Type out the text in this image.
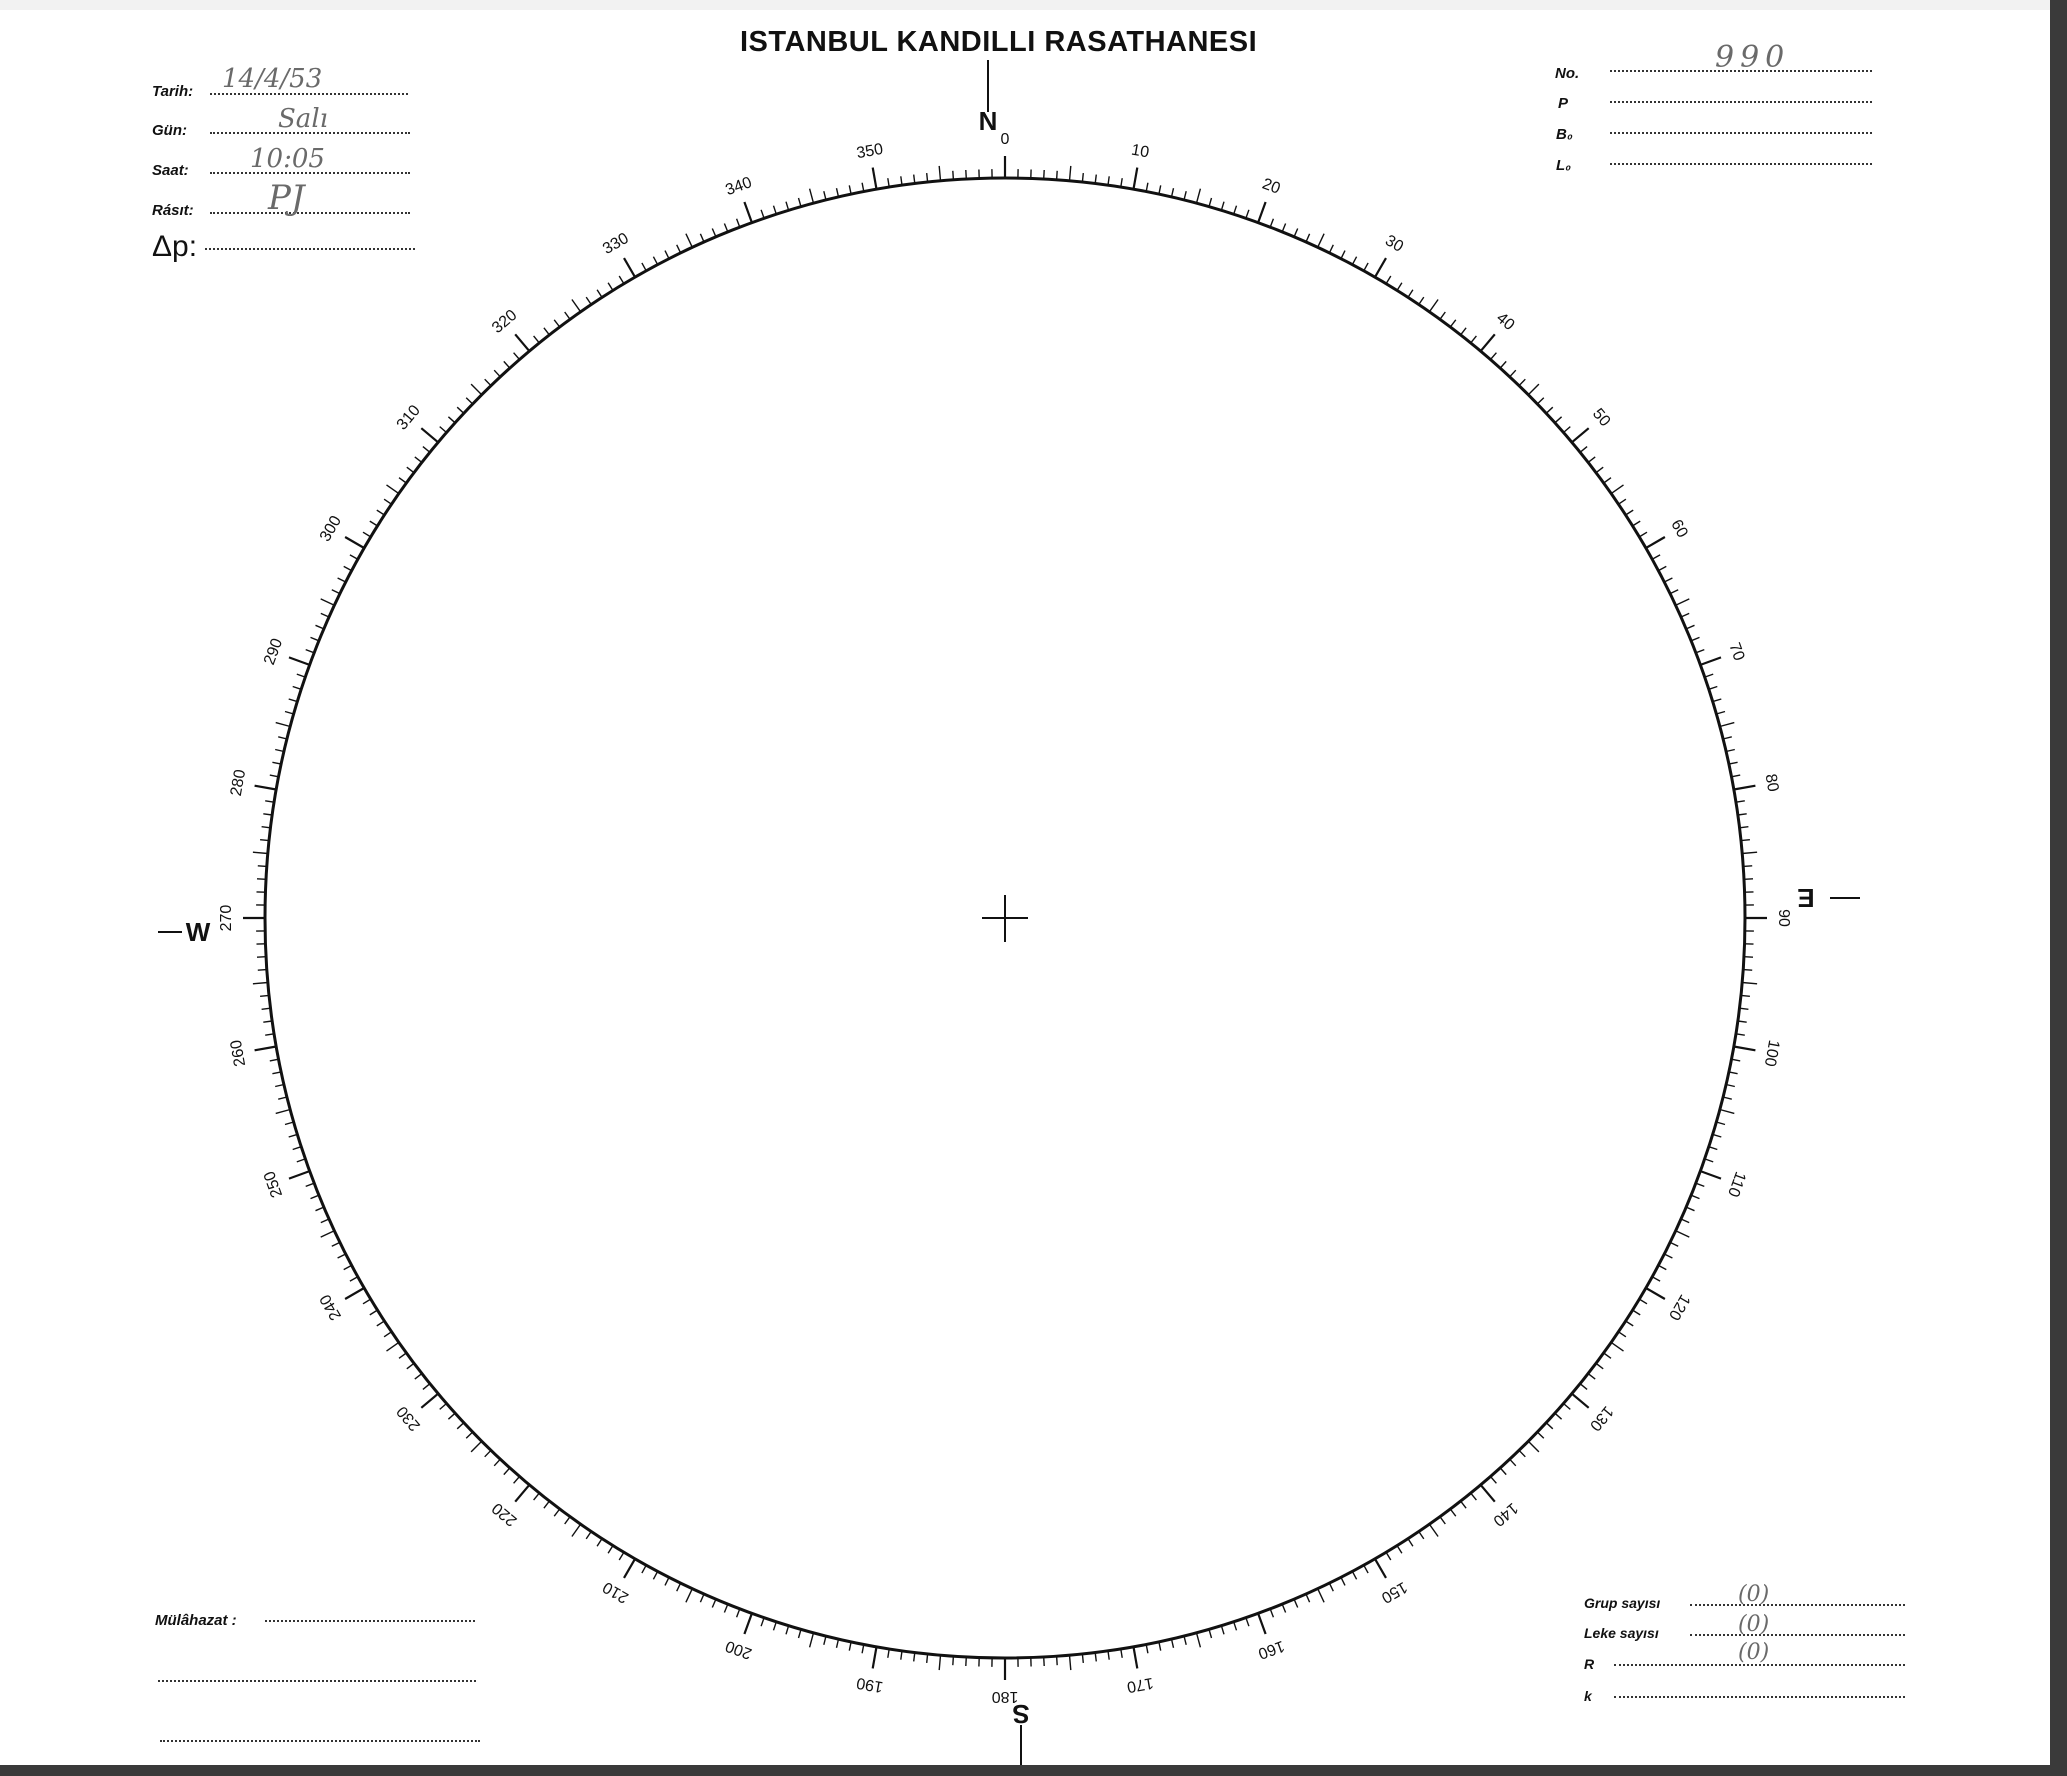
ISTANBUL KANDILLI RASATHANESI
Tarih: 14/4/53
Gün:	Salı
Saat: 10:05
Rásıt: PJ
Δp:
No.	990
P
B₀
L₀
Mülâhazat :
Grup sayısı	(0)
Leke sayısı	(0)
R	(0)
k
0
10
20
30
40
50
60
70
80
90
100
110
120
130
140
150
160
170
180
190
200
210
220
230
240
250
260
270
280
290
300
310
320
330
340
350
N
S
W
E
